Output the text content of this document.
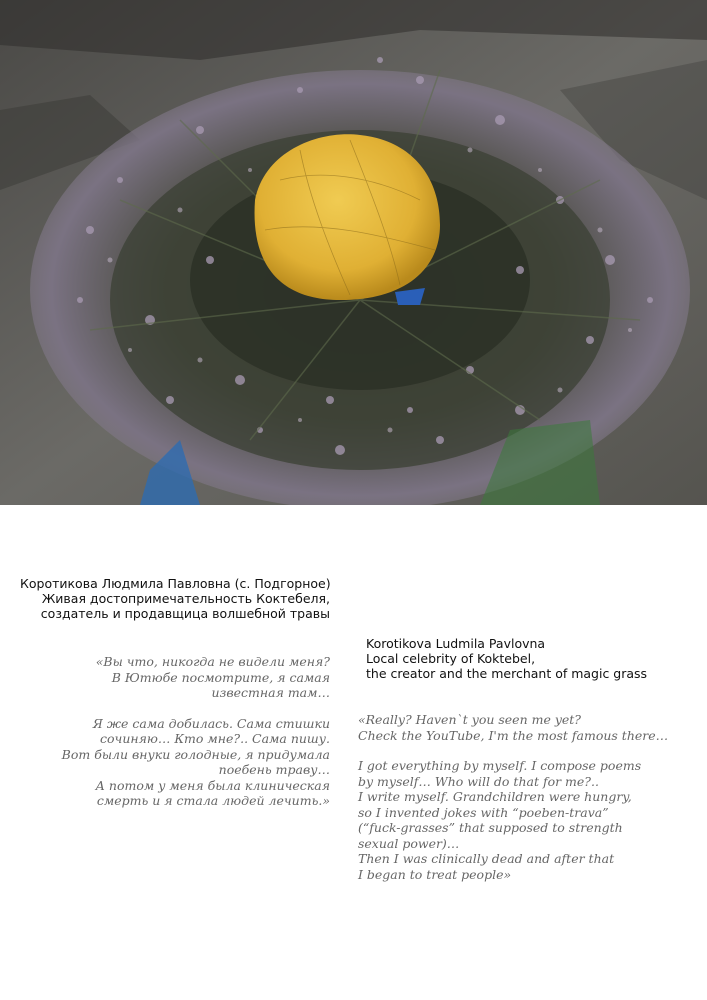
Коротикова Людмила Павловна (с. Подгорное)
Живая достопримечательность Коктебеля,
создатель и продавщица волшебной травы
Korotikova Ludmila Pavlovna
Local celebrity of Koktebel,
the creator and the merchant of magic grass
«Вы что, никогда не видели меня?
В Ютюбе посмотрите, я самая
известная там…
Я же сама добилась. Сама стишки
сочиняю… Кто мне?.. Сама пишу.
Вот были внуки голодные, я придумала
поебень траву…
А потом у меня была клиническая
смерть и я стала людей лечить.»
«Really? Haven`t you seen me yet?
Check the YouTube, I'm the most famous there…
I got everything by myself. I compose poems
by myself… Who will do that for me?..
I write myself. Grandchildren were hungry,
so I invented jokes with “poeben-trava”
(“fuck-grasses” that supposed to strength
sexual power)…
Then I was clinically dead and after that
I began to treat people»
